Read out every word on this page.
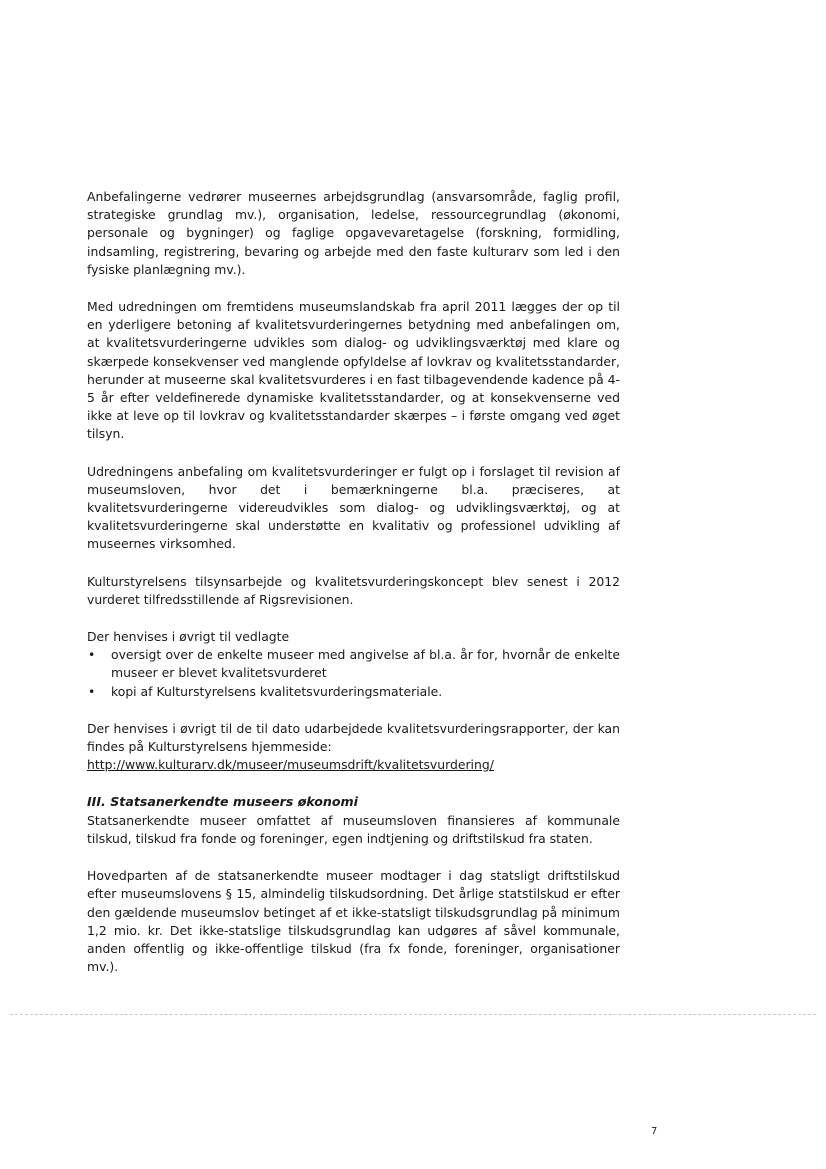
Anbefalingerne vedrører museernes arbejdsgrundlag (ansvarsområde, faglig profil, strategiske grundlag mv.), organisation, ledelse, ressourcegrundlag (økonomi, personale og bygninger) og faglige opgavevaretagelse (forskning, formidling, indsamling, registrering, bevaring og arbejde med den faste kulturarv som led i den fysiske planlægning mv.).

Med udredningen om fremtidens museumslandskab fra april 2011 lægges der op til en yderligere betoning af kvalitetsvurderingernes betydning med anbefalingen om, at kvalitetsvurderingerne udvikles som dialog- og udviklingsværktøj med klare og skærpede konsekvenser ved manglende opfyldelse af lovkrav og kvalitetsstandarder, herunder at museerne skal kvalitetsvurderes i en fast tilbagevendende kadence på 4-5 år efter veldefinerede dynamiske kvalitetsstandarder, og at konsekvenserne ved ikke at leve op til lovkrav og kvalitetsstandarder skærpes – i første omgang ved øget tilsyn.

Udredningens anbefaling om kvalitetsvurderinger er fulgt op i forslaget til revision af museumsloven, hvor det i bemærkningerne bl.a. præciseres, at kvalitetsvurderingerne videreudvikles som dialog- og udviklingsværktøj, og at kvalitetsvurderingerne skal understøtte en kvalitativ og professionel udvikling af museernes virksomhed.

Kulturstyrelsens tilsynsarbejde og kvalitetsvurderingskoncept blev senest i 2012 vurderet tilfredsstillende af Rigsrevisionen.

Der henvises i øvrigt til vedlagte

• oversigt over de enkelte museer med angivelse af bl.a. år for, hvornår de enkelte museer er blevet kvalitetsvurderet
• kopi af Kulturstyrelsens kvalitetsvurderingsmateriale.

Der henvises i øvrigt til de til dato udarbejdede kvalitetsvurderingsrapporter, der kan findes på Kulturstyrelsens hjemmeside:

http://www.kulturarv.dk/museer/museumsdrift/kvalitetsvurdering/

III. Statsanerkendte museers økonomi

Statsanerkendte museer omfattet af museumsloven finansieres af kommunale tilskud, tilskud fra fonde og foreninger, egen indtjening og driftstilskud fra staten.

Hovedparten af de statsanerkendte museer modtager i dag statsligt driftstilskud efter museumslovens § 15, almindelig tilskudsordning. Det årlige statstilskud er efter den gældende museumslov betinget af et ikke-statsligt tilskudsgrundlag på minimum 1,2 mio. kr. Det ikke-statslige tilskudsgrundlag kan udgøres af såvel kommunale, anden offentlig og ikke-offentlige tilskud (fra fx fonde, foreninger, organisationer mv.).

7
